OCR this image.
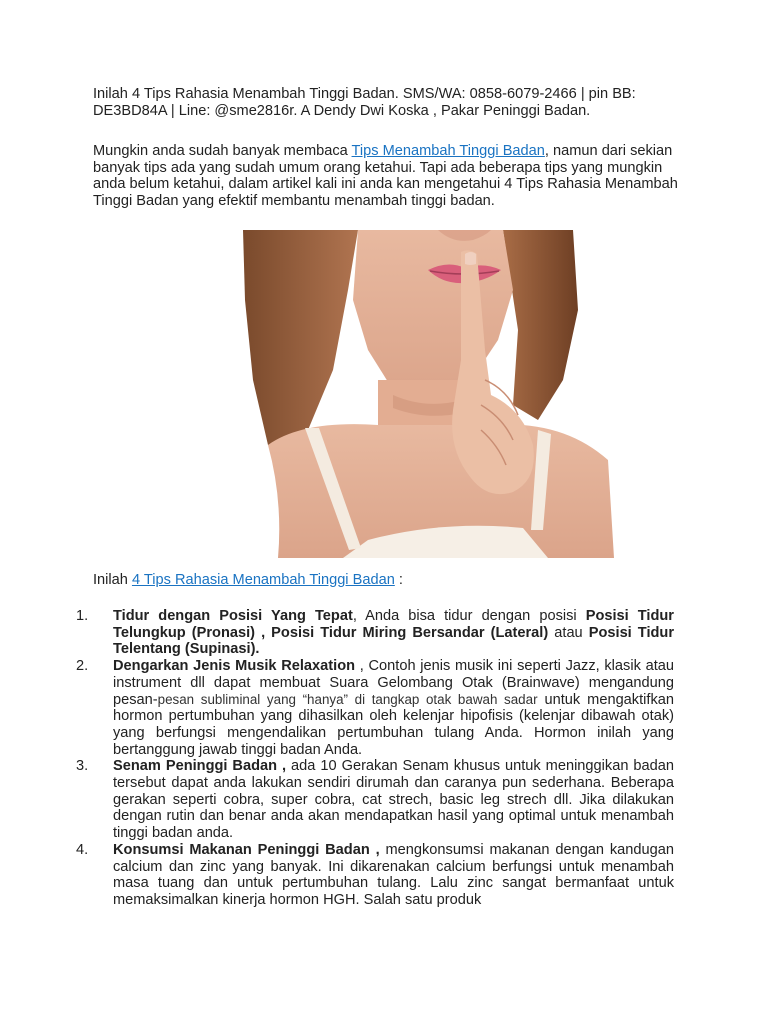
Inilah 4 Tips Rahasia Menambah Tinggi Badan. SMS/WA: 0858-6079-2466 | pin BB: DE3BD84A | Line: @sme2816r. A Dendy Dwi Koska , Pakar Peninggi Badan.

Mungkin anda sudah banyak membaca Tips Menambah Tinggi Badan, namun dari sekian banyak tips ada yang sudah umum orang ketahui. Tapi ada beberapa tips yang mungkin anda belum ketahui, dalam artikel kali ini anda kan mengetahui 4 Tips Rahasia Menambah Tinggi Badan yang efektif membantu menambah tinggi badan.

Inilah 4 Tips Rahasia Menambah Tinggi Badan :

1.	Tidur dengan Posisi Yang Tepat, Anda bisa tidur dengan posisi Posisi Tidur Telungkup (Pronasi) , Posisi Tidur Miring Bersandar (Lateral) atau Posisi Tidur Telentang (Supinasi).
2.	Dengarkan Jenis Musik Relaxation , Contoh jenis musik ini seperti Jazz, klasik atau instrument dll dapat membuat Suara Gelombang Otak (Brainwave) mengandung pesan-pesan subliminal yang “hanya” di tangkap otak bawah sadar untuk mengaktifkan hormon pertumbuhan yang dihasilkan oleh kelenjar hipofisis (kelenjar dibawah otak) yang berfungsi mengendalikan pertumbuhan tulang Anda. Hormon inilah yang bertanggung jawab tinggi badan Anda.
3.	Senam Peninggi Badan , ada 10 Gerakan Senam khusus untuk meninggikan badan tersebut dapat anda lakukan sendiri dirumah dan caranya pun sederhana. Beberapa gerakan seperti cobra, super cobra, cat strech, basic leg strech dll. Jika dilakukan dengan rutin dan benar anda akan mendapatkan hasil yang optimal untuk menambah tinggi badan anda.
4.	Konsumsi Makanan Peninggi Badan , mengkonsumsi makanan dengan kandugan calcium dan zinc yang banyak. Ini dikarenakan calcium berfungsi untuk menambah masa tuang dan untuk pertumbuhan tulang. Lalu zinc sangat bermanfaat untuk memaksimalkan kinerja hormon HGH. Salah satu produk
